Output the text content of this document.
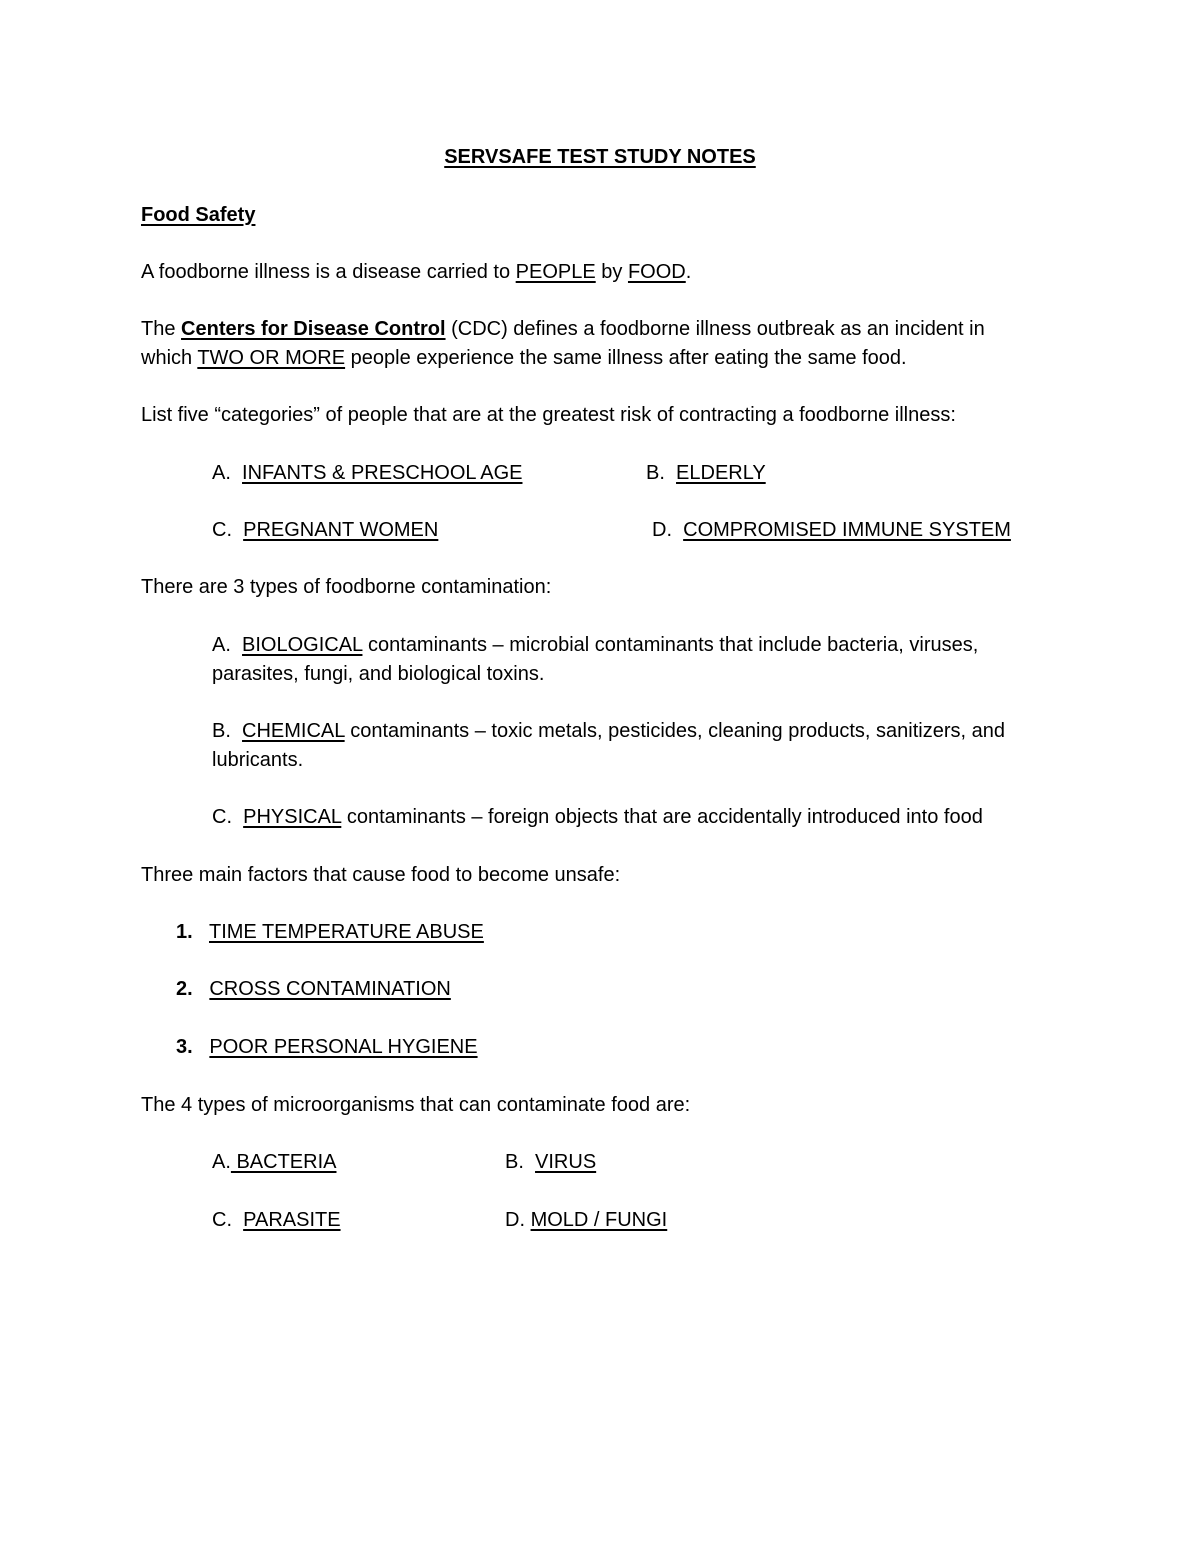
SERVSAFE TEST STUDY NOTES
Food Safety
A foodborne illness is a disease carried to PEOPLE by FOOD.
The Centers for Disease Control (CDC) defines a foodborne illness outbreak as an incident in
which TWO OR MORE people experience the same illness after eating the same food.
List five “categories” of people that are at the greatest risk of contracting a foodborne illness:
A. INFANTS & PRESCHOOL AGE	B. ELDERLY
C. PREGNANT WOMEN	D. COMPROMISED IMMUNE SYSTEM
There are 3 types of foodborne contamination:
A. BIOLOGICAL contaminants – microbial contaminants that include bacteria, viruses,
parasites, fungi, and biological toxins.
B. CHEMICAL contaminants – toxic metals, pesticides, cleaning products, sanitizers, and
lubricants.
C. PHYSICAL contaminants – foreign objects that are accidentally introduced into food
Three main factors that cause food to become unsafe:
1. TIME TEMPERATURE ABUSE
2. CROSS CONTAMINATION
3. POOR PERSONAL HYGIENE
The 4 types of microorganisms that can contaminate food are:
A. BACTERIA	B. VIRUS
C. PARASITE	D. MOLD / FUNGI
